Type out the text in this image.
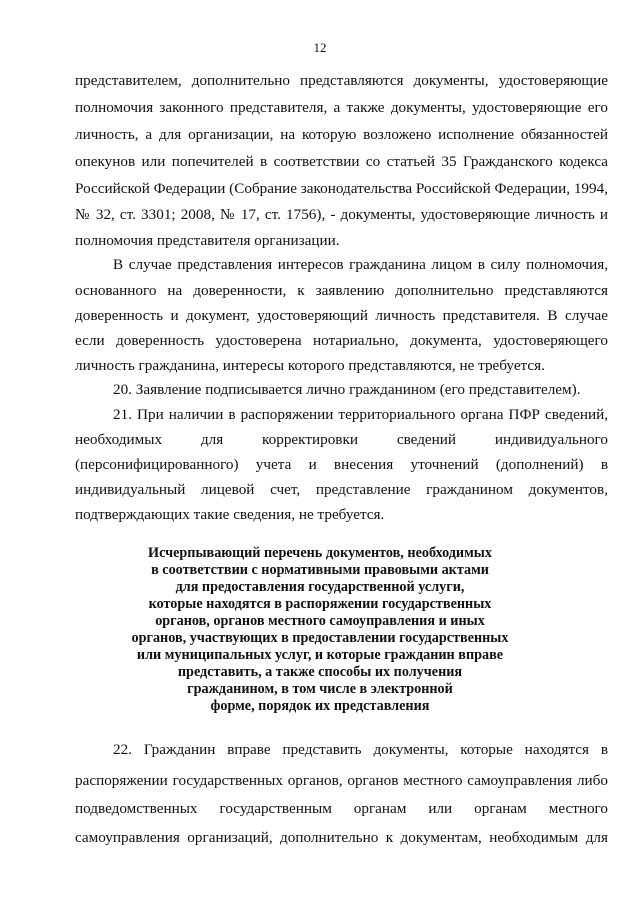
12

представителем, дополнительно представляются документы, удостоверяющие

полномочия законного представителя, а также документы, удостоверяющие его

личность, а для организации, на которую возложено исполнение обязанностей

опекунов или попечителей в соответствии со статьей 35 Гражданского кодекса

Российской Федерации (Собрание законодательства Российской Федерации, 1994,

№ 32, ст. 3301; 2008, № 17, ст. 1756), - документы, удостоверяющие личность и

полномочия представителя организации.

В случае представления интересов гражданина лицом в силу полномочия,

основанного на доверенности, к заявлению дополнительно представляются

доверенность и документ, удостоверяющий личность представителя. В случае

если доверенность удостоверена нотариально, документа, удостоверяющего

личность гражданина, интересы которого представляются, не требуется.

20. Заявление подписывается лично гражданином (его представителем).

21. При наличии в распоряжении территориального органа ПФР сведений,

необходимых для корректировки сведений индивидуального

(персонифицированного) учета и внесения уточнений (дополнений) в

индивидуальный лицевой счет, представление гражданином документов,

подтверждающих такие сведения, не требуется.

Исчерпывающий перечень документов, необходимых
в соответствии с нормативными правовыми актами
для предоставления государственной услуги,
которые находятся в распоряжении государственных
органов, органов местного самоуправления и иных
органов, участвующих в предоставлении государственных
или муниципальных услуг, и которые гражданин вправе
представить, а также способы их получения
гражданином, в том числе в электронной
форме, порядок их представления

22. Гражданин вправе представить документы, которые находятся в

распоряжении государственных органов, органов местного самоуправления либо

подведомственных государственным органам или органам местного

самоуправления организаций, дополнительно к документам, необходимым для
